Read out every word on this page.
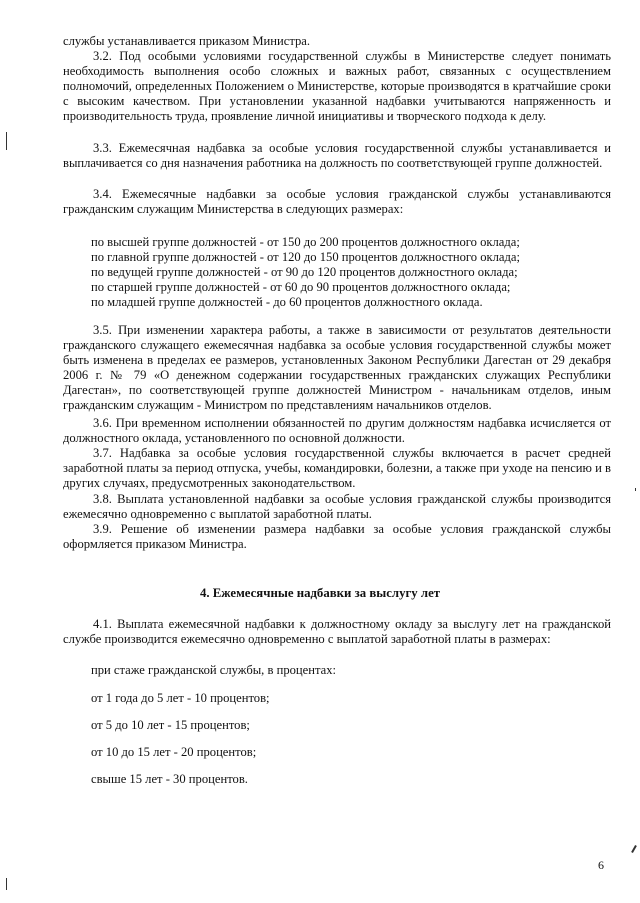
службы устанавливается приказом Министра.

3.2. Под особыми условиями государственной службы в Министерстве следует понимать необходимость выполнения особо сложных и важных работ, связанных с осуществлением полномочий, определенных Положением о Министерстве, которые производятся в кратчайшие сроки с высоким качеством. При установлении указанной надбавки учитываются напряженность и производительность труда, проявление личной инициативы и творческого подхода к делу.

3.3. Ежемесячная надбавка за особые условия государственной службы устанавливается и выплачивается со дня назначения работника на должность по соответствующей группе должностей.

3.4. Ежемесячные надбавки за особые условия гражданской службы устанавливаются гражданским служащим Министерства в следующих размерах:

по высшей группе должностей - от 150 до 200 процентов должностного оклада;
по главной группе должностей - от 120 до 150 процентов должностного оклада;
по ведущей группе должностей - от 90 до 120 процентов должностного оклада;
по старшей группе должностей - от 60 до 90 процентов должностного оклада;
по младшей группе должностей - до 60 процентов должностного оклада.

3.5. При изменении характера работы, а также в зависимости от результатов деятельности гражданского служащего ежемесячная надбавка за особые условия государственной службы может быть изменена в пределах ее размеров, установленных Законом Республики Дагестан от 29 декабря 2006 г. № 79 «О денежном содержании государственных гражданских служащих Республики Дагестан», по соответствующей группе должностей Министром - начальникам отделов, иным гражданским служащим - Министром по представлениям начальников отделов.

3.6. При временном исполнении обязанностей по другим должностям надбавка исчисляется от должностного оклада, установленного по основной должности.

3.7. Надбавка за особые условия государственной службы включается в расчет средней заработной платы за период отпуска, учебы, командировки, болезни, а также при уходе на пенсию и в других случаях, предусмотренных законодательством.

3.8. Выплата установленной надбавки за особые условия гражданской службы производится ежемесячно одновременно с выплатой заработной платы.

3.9. Решение об изменении размера надбавки за особые условия гражданской службы оформляется приказом Министра.

4. Ежемесячные надбавки за выслугу лет

4.1. Выплата ежемесячной надбавки к должностному окладу за выслугу лет на гражданской службе производится ежемесячно одновременно с выплатой заработной платы в размерах:

при стаже гражданской службы, в процентах:
от 1 года до 5 лет - 10 процентов;
от 5 до 10 лет - 15 процентов;
от 10 до 15 лет - 20 процентов;
свыше 15 лет - 30 процентов.
6
